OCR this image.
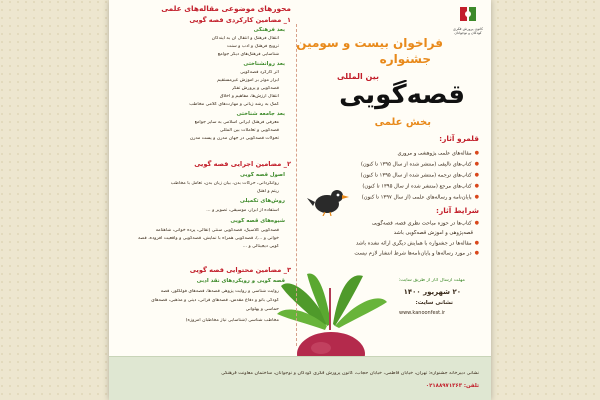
کانون پرورش فکری
کودکان و نوجوانان
فراخوان بیست و سومین
جشنواره
بین المللی
قصه‌گویی
بخش علمی
قلمرو آثار:
● مقاله‌های علمی پژوهشی و مروری
● کتاب‌های تالیفی (منتشر شده از سال ۱۳۹۵ تا کنون)
● کتاب‌های ترجمه (منتشر شده از سال ۱۳۹۵ تا کنون)
● کتاب‌های مرجع (منتشر شده از سال ۱۳۹۵ تا کنون)
● پایان‌نامه و رساله‌های علمی (از سال ۱۳۹۷ تا کنون)
شرایط آثار:
● کتاب‌ها در حوزه مباحث نظری قصه، قصه‌گویی
قصه‌پژوهی و آموزش قصه‌گویی باشد
● مقاله‌ها در جشنواره با همایش دیگری ارائه نشده باشد
● در مورد رساله‌ها و پایان‌نامه‌ها شرط انتشار لازم نیست
مهلت ارسال آثار از طریق سایت:
۲۰ شهریور ۱۴۰۰
نشانی سایت:
www.kanoonfest.ir
محورهای موضوعی مقاله‌های علمی
۱_ مضامین کارکردی قصه گویی
بعد فرهنگی
انتقال فرهنگ و انتقال آن به آیندگان
ترویج فرهنگ و ادب و سنت
شناسایی فرهنگ‌های دیگر جوامع
بعد روانشناختی
اثر کارکرد قصه‌گویی
ابزار موثر بر آموزش غیرمستقیم
قصه‌گویی و پرورش تفکر
انتقال ارزش‌ها، مفاهیم و اخلاق
کمک به رشد زبانی و مهارت‌های کلامی مخاطب
بعد جامعه شناختی
معرفی فرهنگ ایرانی اسلامی به سایر جوامع
قصه‌گویی و تعاملات بین المللی
تحولات قصه‌گویی در جهان مدرن و پست مدرن
۲_ مضامین اجرایی قصه گویی
اصول قصه گویی
روانگردانی، حرکات بدن، بیان زبان بدن، تعامل با مخاطب
ریتم و آهنگ
روش‌های تکمیلی
استفاده از ابزار، موسیقی، تصویر و ...
شیوه‌های قصه گویی
قصه‌گویی کلاسیک، قصه‌گویی سنتی (نقالی، پرده خوانی، شاهنامه
خوانی و ...)، قصه‌گویی همراه با نمایش، قصه‌گویی و واقعیت افزوده، قصه
گویی دیجیتالی و ...
۳_ مضامین محتوایی قصه گویی
قصه گویی و رویکردهای نقد ادبی
روایت شناسی و روایت پژوهی قصه‌ها، قصه‌های فولکلور، قصه
کودکی بانو و دفاع مقدس، قصه‌های قرآنی، دینی و مذهبی، قصه‌های
حماسی و پهلوانی
مخاطب شناسی (شناسایی نیاز مخاطبان امروزه)
نشانی دبیرخانه جشنواره: تهران، خیابان فاطمی، خیابان حجاب، کانون پرورش فکری کودکان و نوجوانان، ساختمان معاونت فرهنگی
تلفن: ۰۲۱۸۸۹۷۱۳۶۳
